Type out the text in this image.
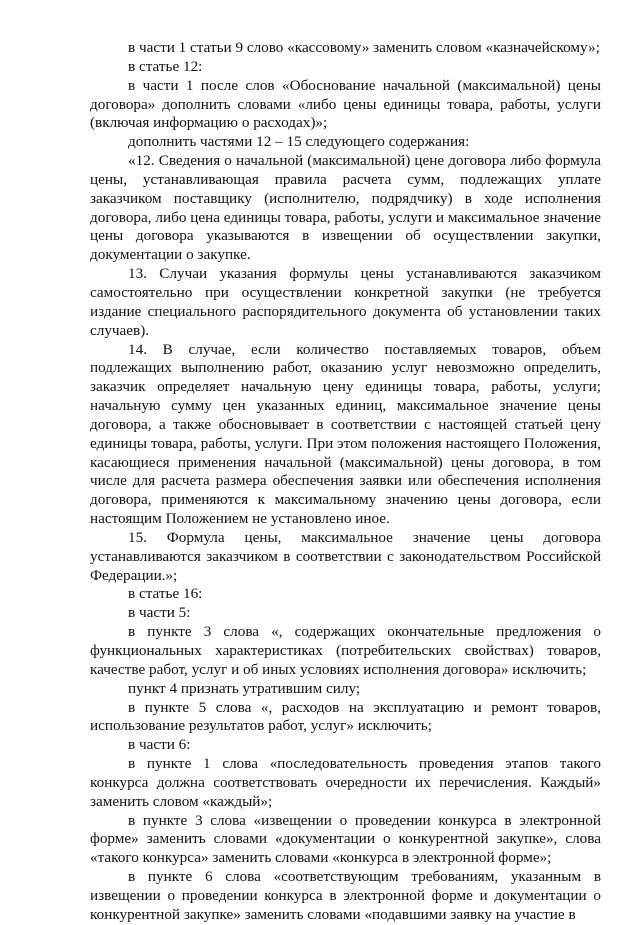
в части 1 статьи 9 слово «кассовому» заменить словом «казначейскому»;

в статье 12:

в части 1 после слов «Обоснование начальной (максимальной) цены договора» дополнить словами «либо цены единицы товара, работы, услуги (включая информацию о расходах)»;

дополнить частями 12 – 15 следующего содержания:

«12. Сведения о начальной (максимальной) цене договора либо формула цены, устанавливающая правила расчета сумм, подлежащих уплате заказчиком поставщику (исполнителю, подрядчику) в ходе исполнения договора, либо цена единицы товара, работы, услуги и максимальное значение цены договора указываются в извещении об осуществлении закупки, документации о закупке.

13. Случаи указания формулы цены устанавливаются заказчиком самостоятельно при осуществлении конкретной закупки (не требуется издание специального распорядительного документа об установлении таких случаев).

14. В случае, если количество поставляемых товаров, объем подлежащих выполнению работ, оказанию услуг невозможно определить, заказчик определяет начальную цену единицы товара, работы, услуги; начальную сумму цен указанных единиц, максимальное значение цены договора, а также обосновывает в соответствии с настоящей статьей цену единицы товара, работы, услуги. При этом положения настоящего Положения, касающиеся применения начальной (максимальной) цены договора, в том числе для расчета размера обеспечения заявки или обеспечения исполнения договора, применяются к максимальному значению цены договора, если настоящим Положением не установлено иное.

15. Формула цены, максимальное значение цены договора устанавливаются заказчиком в соответствии с законодательством Российской Федерации.»;

в статье 16:

в части 5:

в пункте 3 слова «, содержащих окончательные предложения о функциональных характеристиках (потребительских свойствах) товаров, качестве работ, услуг и об иных условиях исполнения договора» исключить;

пункт 4 признать утратившим силу;

в пункте 5 слова «, расходов на эксплуатацию и ремонт товаров, использование результатов работ, услуг» исключить;

в части 6:

в пункте 1 слова «последовательность проведения этапов такого конкурса должна соответствовать очередности их перечисления. Каждый» заменить словом «каждый»;

в пункте 3 слова «извещении о проведении конкурса в электронной форме» заменить словами «документации о конкурентной закупке», слова «такого конкурса» заменить словами «конкурса в электронной форме»;

в пункте 6 слова «соответствующим требованиям, указанным в извещении о проведении конкурса в электронной форме и документации о конкурентной закупке» заменить словами «подавшими заявку на участие в
